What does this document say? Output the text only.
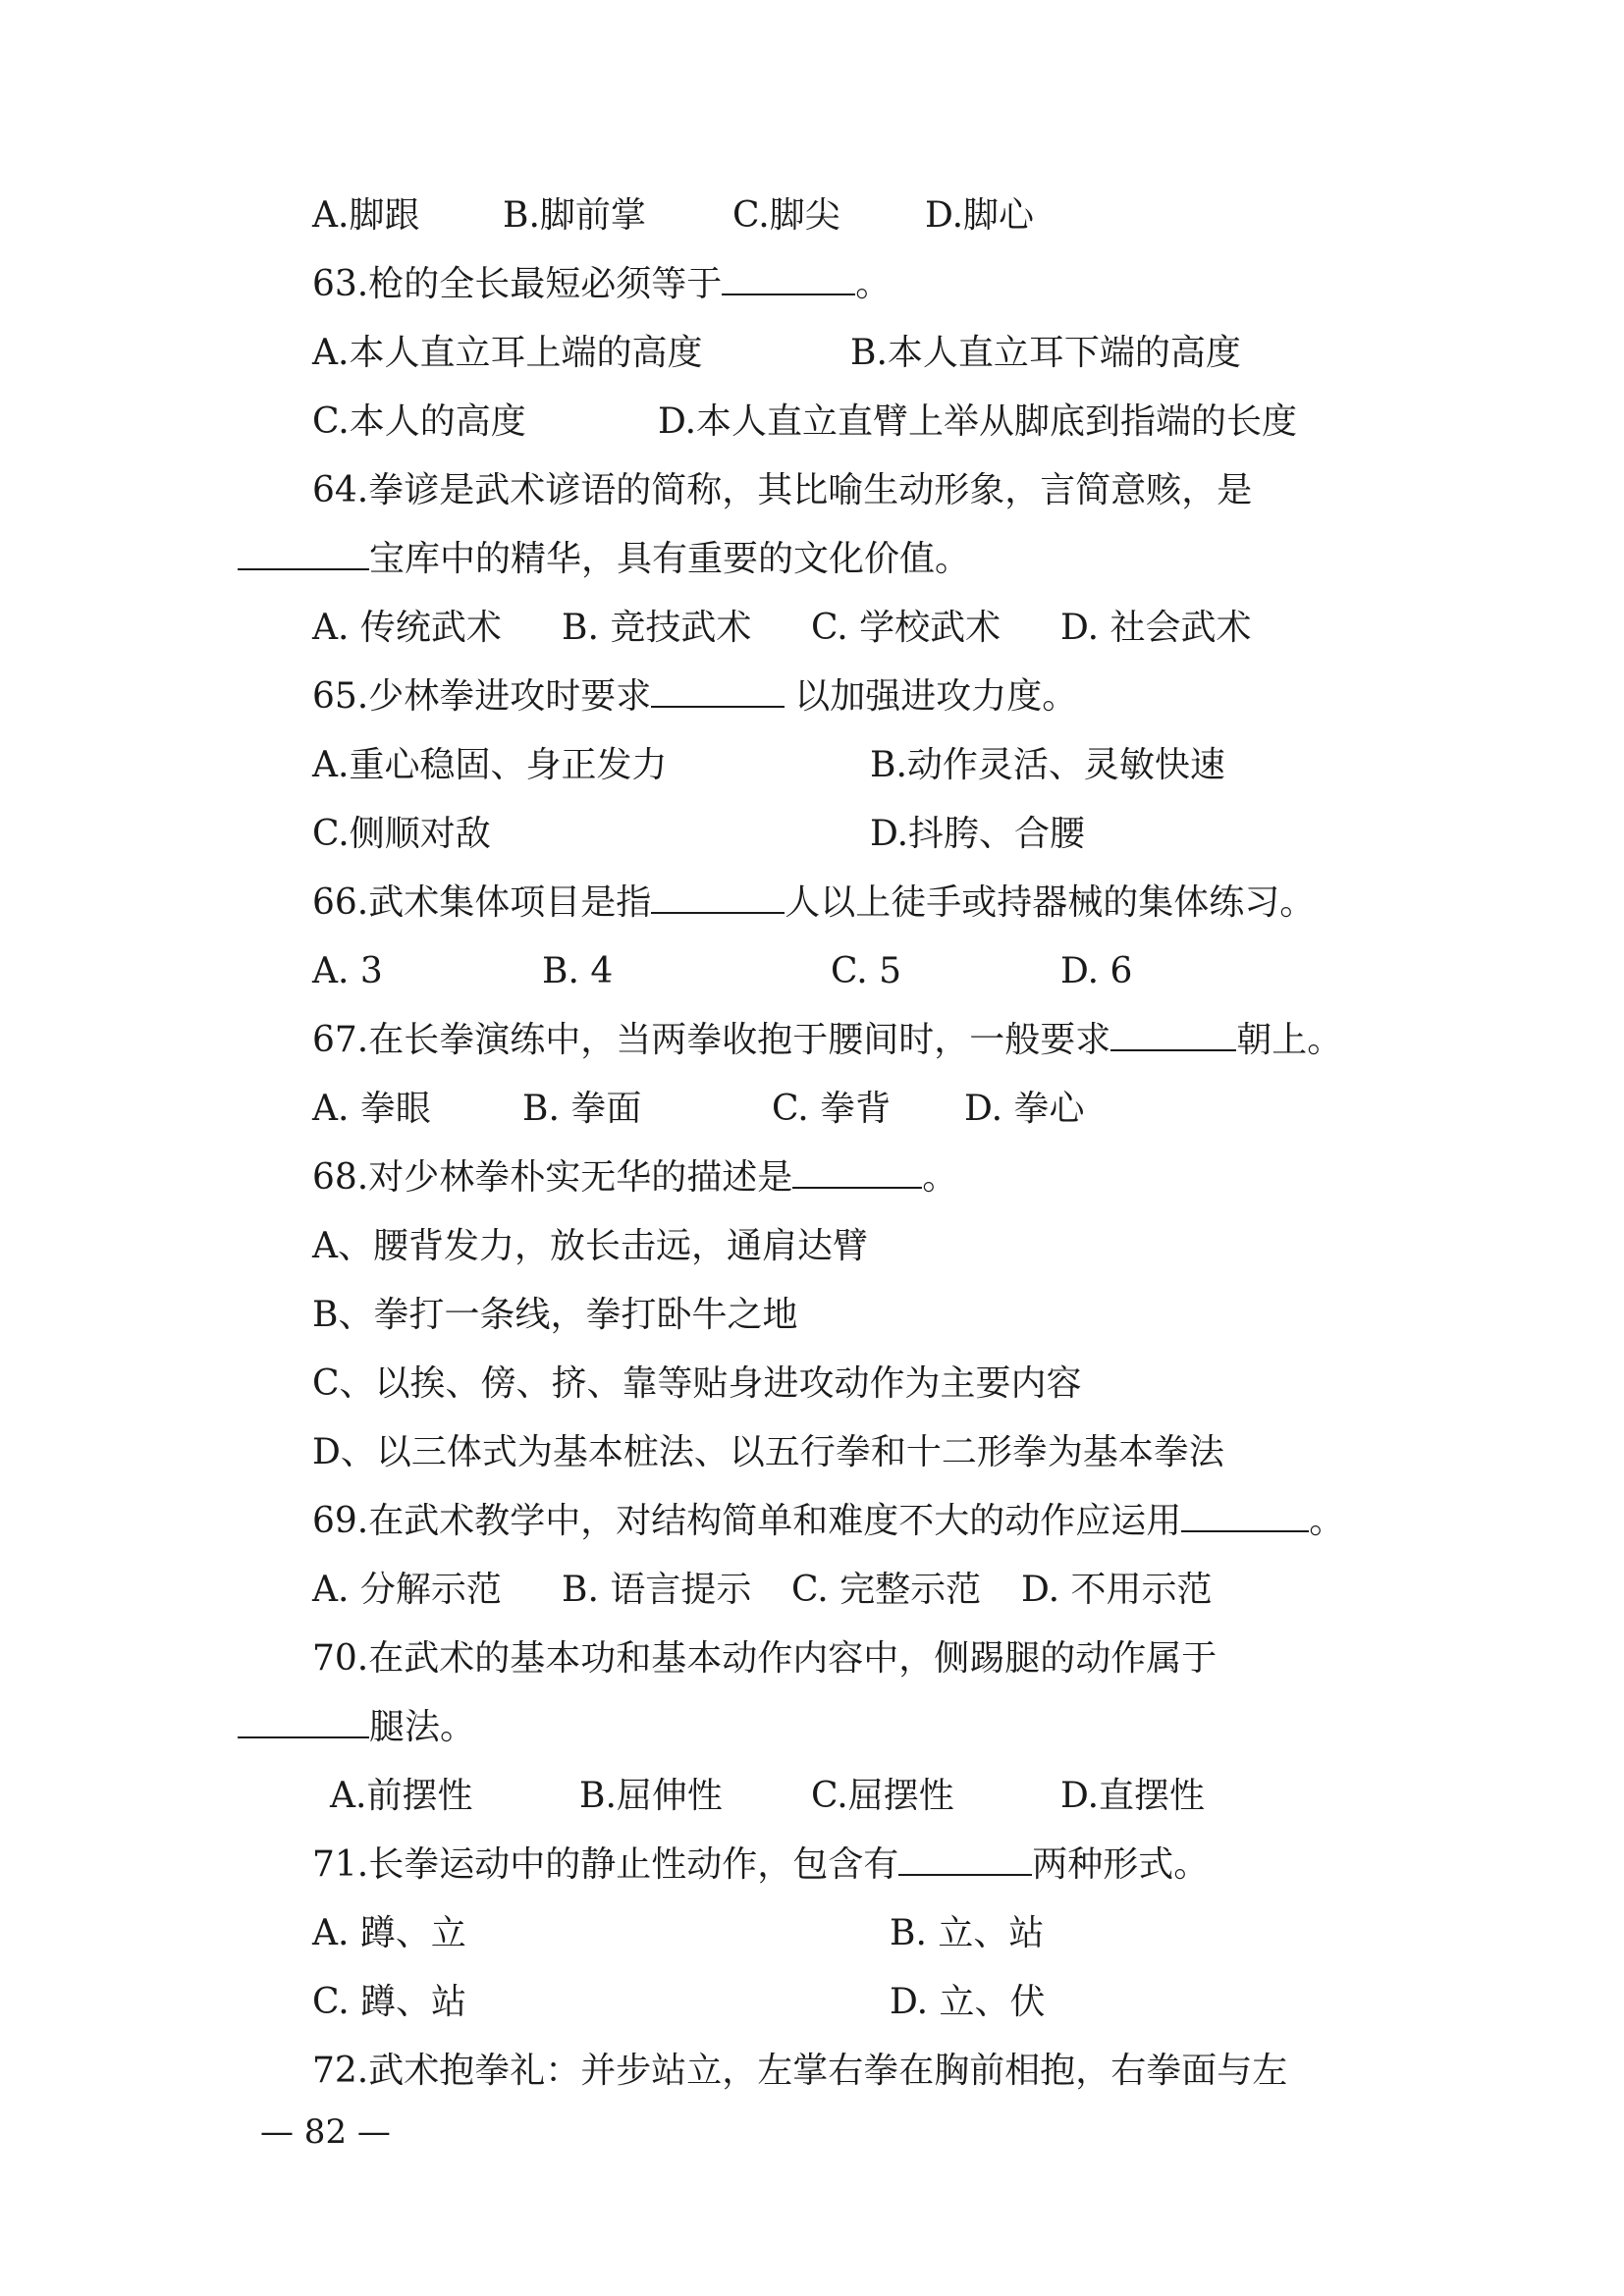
A.脚跟 B.脚前掌 C.脚尖 D.脚心
63.枪的全长最短必须等于	。
A.本人直立耳上端的高度	B.本人直立耳下端的高度
C.本人的高度	D.本人直立直臂上举从脚底到指端的长度
64.拳谚是武术谚语的简称，其比喻生动形象，言简意赅，是
宝库中的精华，具有重要的文化价值。
A. 传统武术 B. 竞技武术 C. 学校武术 D. 社会武术
65.少林拳进攻时要求	以加强进攻力度。
A.重心稳固、身正发力	B.动作灵活、灵敏快速
C.侧顺对敌	D.抖胯、合腰
66.武术集体项目是指	人以上徒手或持器械的集体练习。
A. 3	B. 4	C. 5	D. 6
67.在长拳演练中，当两拳收抱于腰间时，一般要求	朝上。
A. 拳眼	B. 拳面	C. 拳背 D. 拳心
68.对少林拳朴实无华的描述是	。
A、腰背发力，放长击远，通肩达臂
B、拳打一条线，拳打卧牛之地
C、以挨、傍、挤、靠等贴身进攻动作为主要内容
D、以三体式为基本桩法、以五行拳和十二形拳为基本拳法
69.在武术教学中，对结构简单和难度不大的动作应运用	。
A. 分解示范 B. 语言提示 C. 完整示范 D. 不用示范
70.在武术的基本功和基本动作内容中，侧踢腿的动作属于
腿法。
A.前摆性	B.屈伸性	C.屈摆性	D.直摆性
71.长拳运动中的静止性动作，包含有	两种形式。
A. 蹲、立	B. 立、站
C. 蹲、站	D. 立、伏
72.武术抱拳礼：并步站立，左掌右拳在胸前相抱，右拳面与左
— 82 —
